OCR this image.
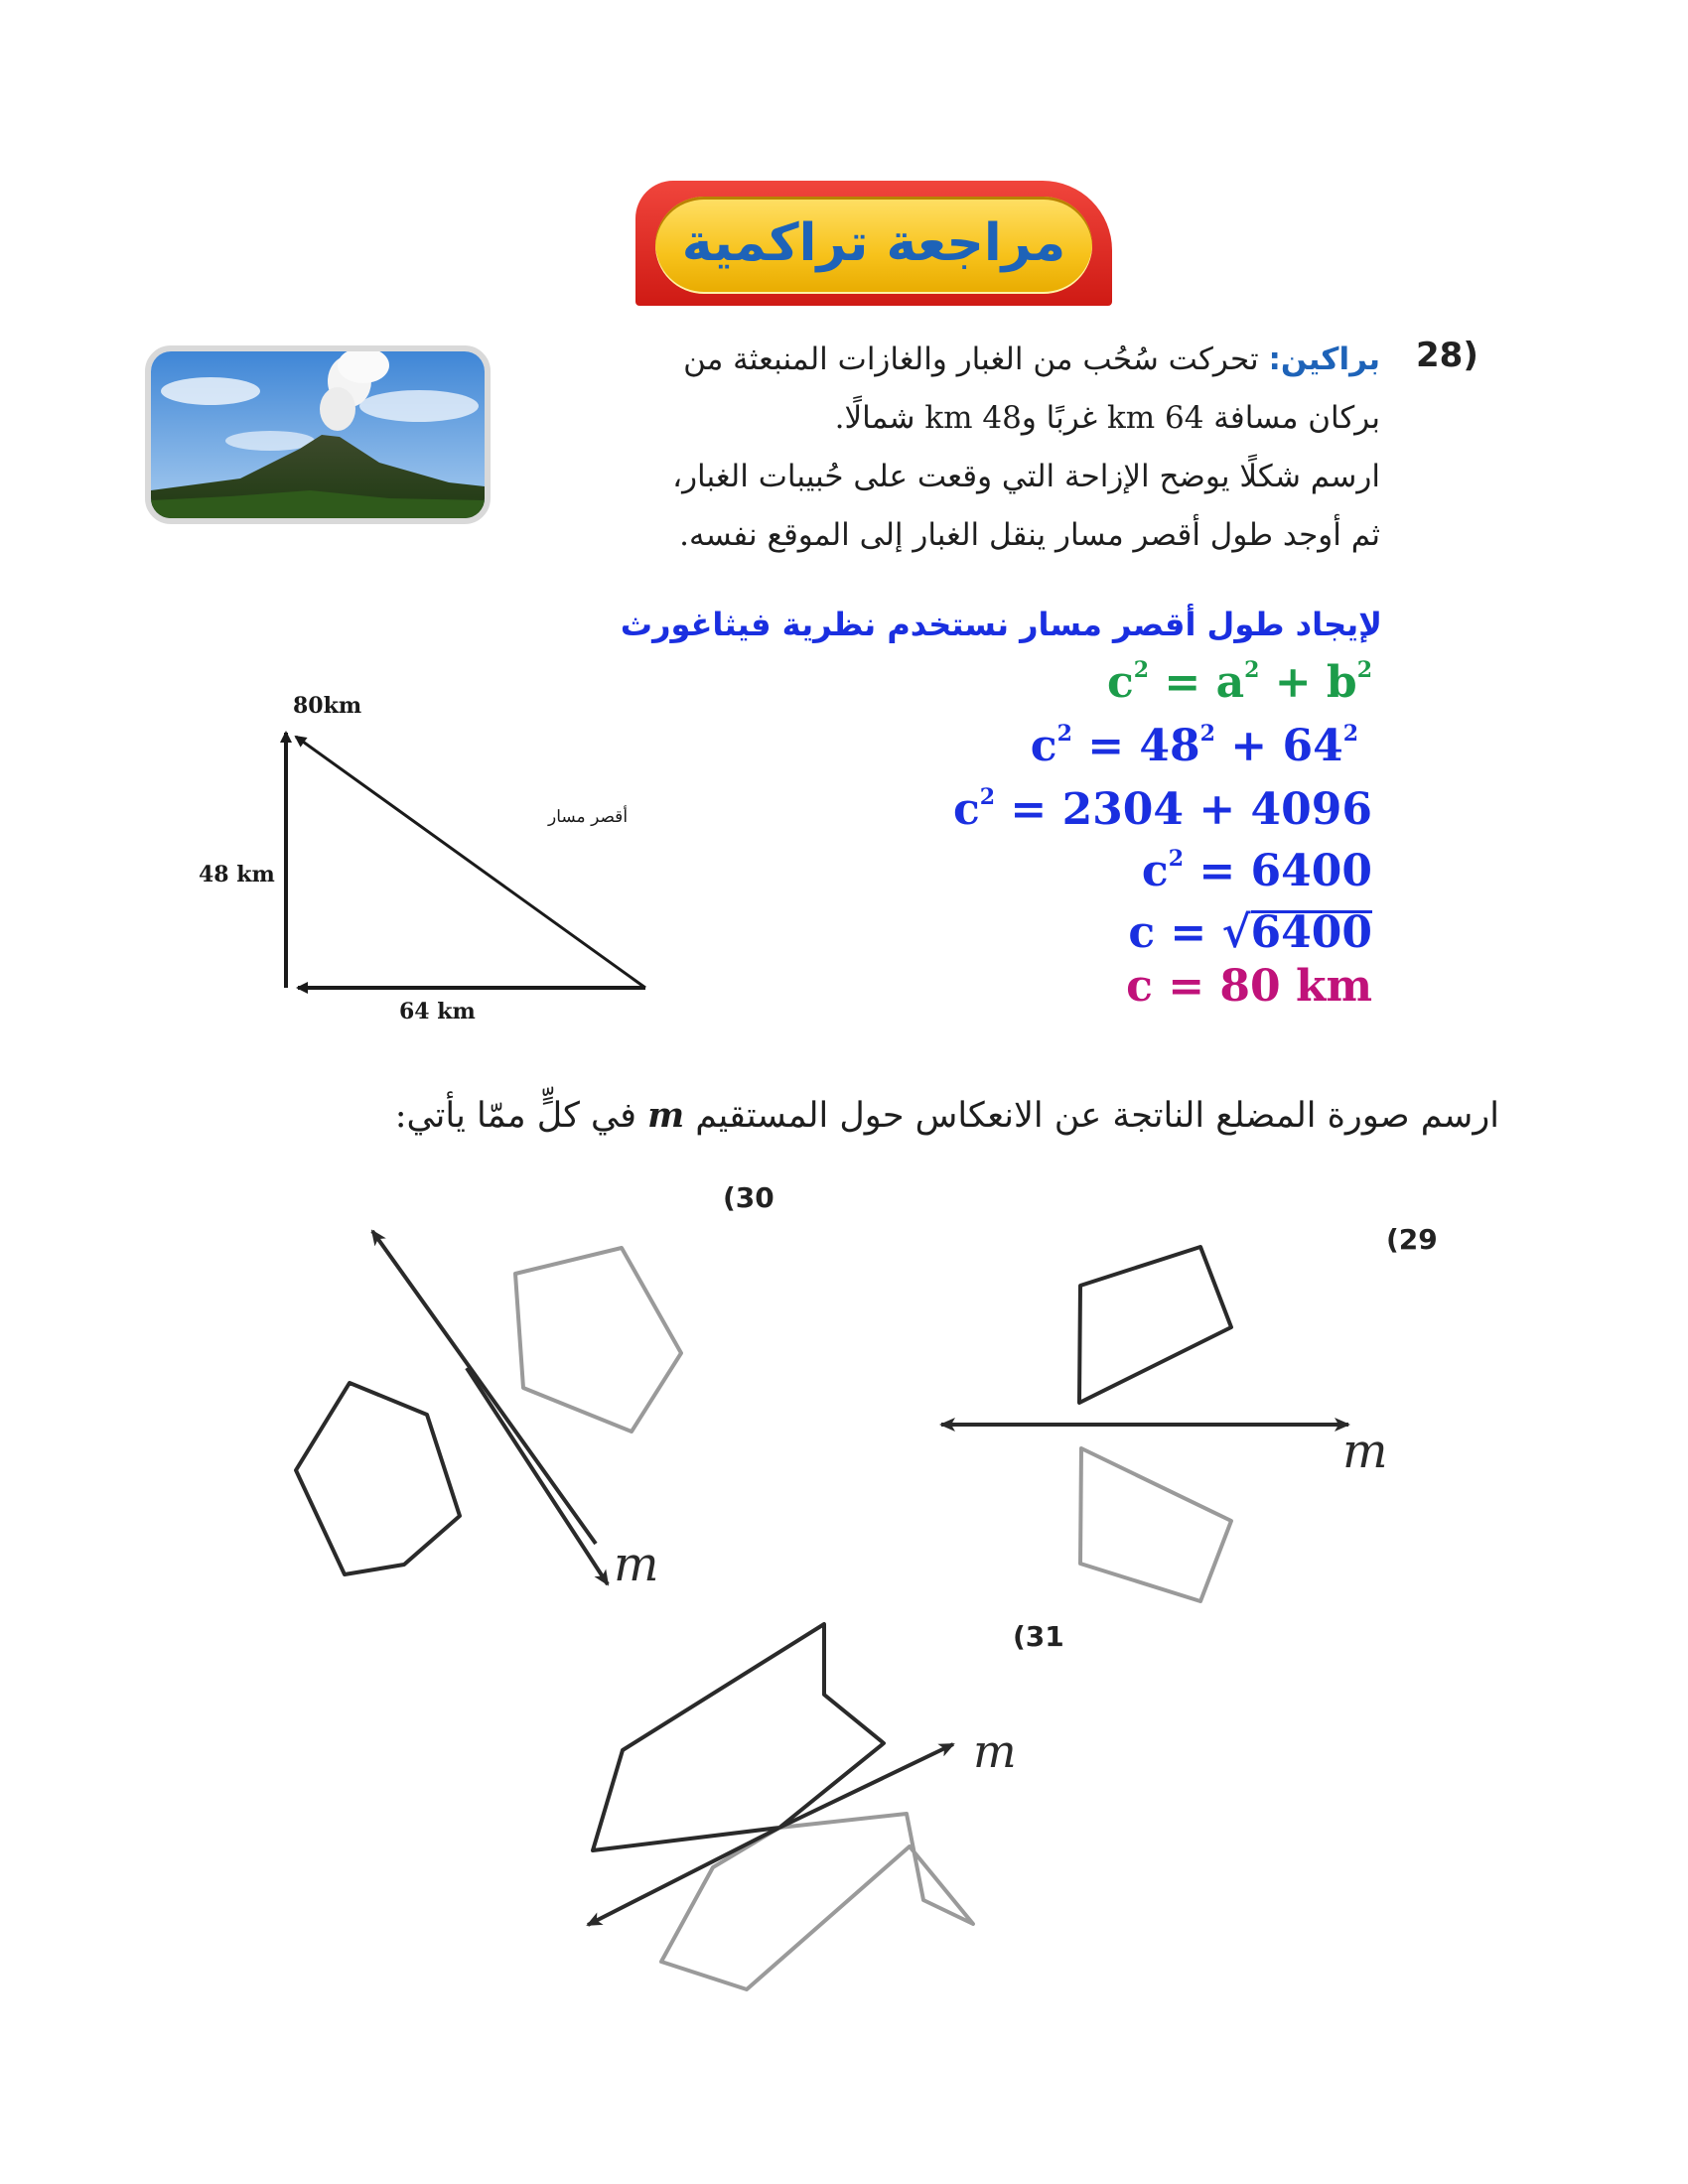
مراجعة تراكمية
28)
براكين: تحركت سُحُب من الغبار والغازات المنبعثة من
بركان مسافة 64 km غربًا و48 km شمالًا.
ارسم شكلًا يوضح الإزاحة التي وقعت على حُبيبات الغبار،
ثم أوجد طول أقصر مسار ينقل الغبار إلى الموقع نفسه.
لإيجاد طول أقصر مسار نستخدم نظرية فيثاغورث
$c^2 = a^2 + b^2$
$c^2 = 48^2 + 64^2$
$c^2 = 2304 + 4096$
$c^2 = 6400$
c = √6400
c = 80 km
80km
أقصر مسار
48 km
64 km
ارسم صورة المضلع الناتجة عن الانعكاس حول المستقيم m في كلٍّ ممّا يأتي:
(30
(29
(31
m
m
m
